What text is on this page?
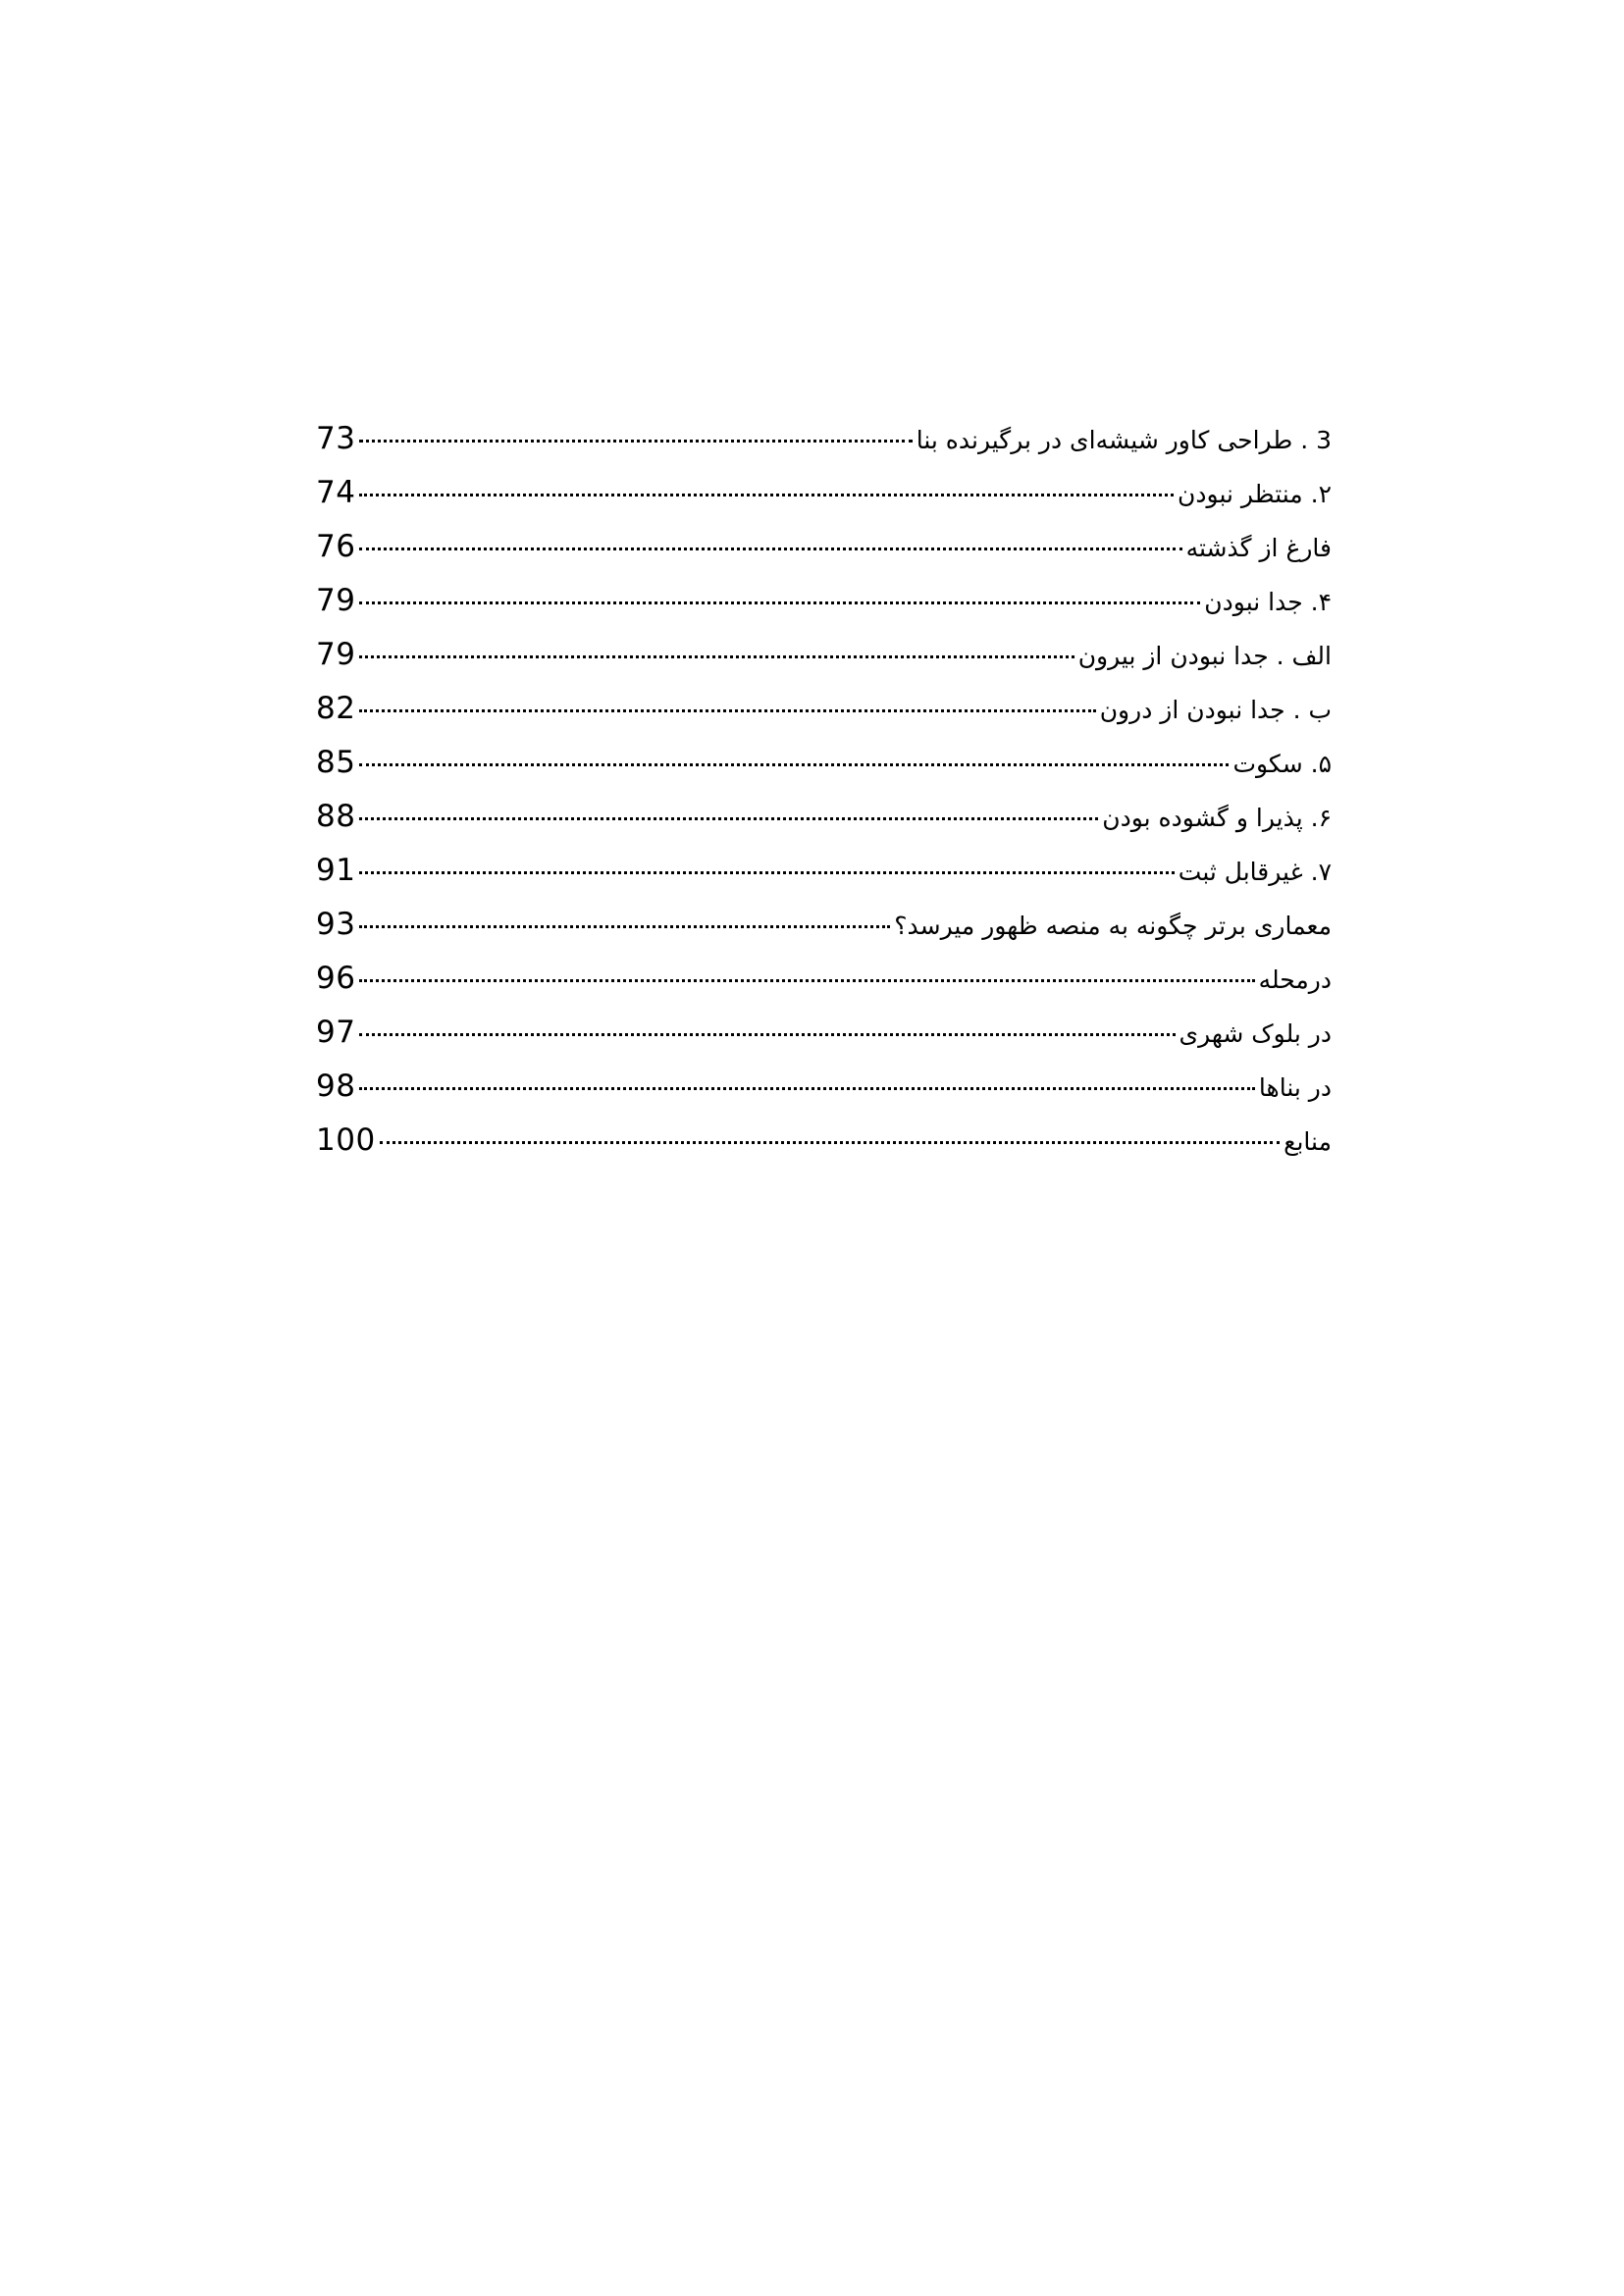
73	3 . طراحی کاور شیشه‌ای در برگیرنده بنا
74	۲. منتظر نبودن
76	فارغ از گذشته
79	۴. جدا نبودن
79	الف . جدا نبودن از بیرون
82	ب . جدا نبودن از درون
85	۵. سکوت
88	۶. پذیرا و گشوده بودن
91	۷. غیرقابل ثبت
93	معماری برتر چگونه به منصه ظهور میرسد؟
96	درمحله
97	در بلوک شهری
98	در بناها
100	منابع
